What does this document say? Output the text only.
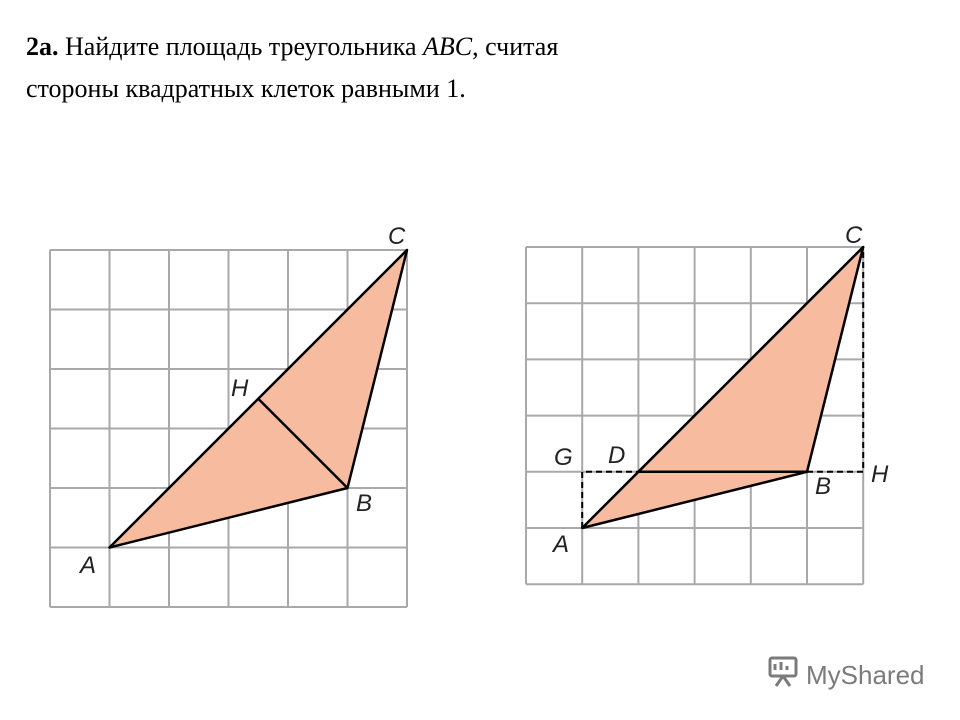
2а. Найдите площадь треугольника ABC, считая
стороны квадратных клеток равными 1.
A
B
C
H
A
B
C
D
G
H
MyShared
